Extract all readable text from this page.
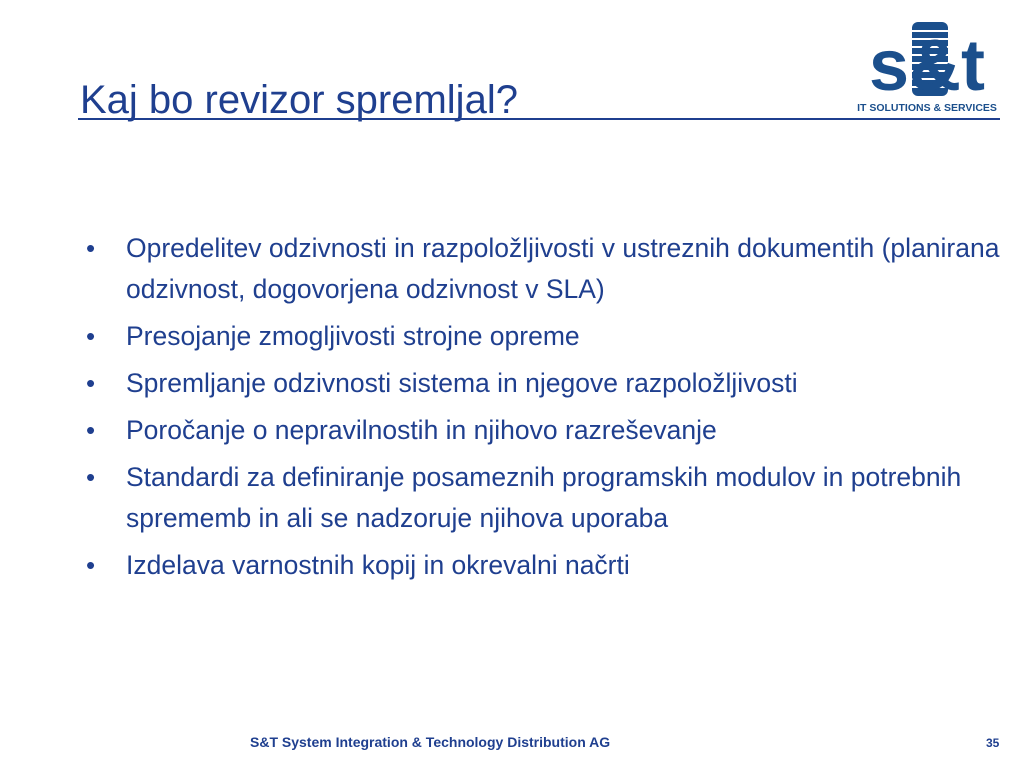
Kaj bo revizor spremljal?	s&t
IT SOLUTIONS & SERVICES
•	Opredelitev odzivnosti in razpoložljivosti v ustreznih dokumentih (planirana odzivnost, dogovorjena odzivnost v SLA)
•	Presojanje zmogljivosti strojne opreme
•	Spremljanje odzivnosti sistema in njegove razpoložljivosti
•	Poročanje o nepravilnostih in njihovo razreševanje
•	Standardi za definiranje posameznih programskih modulov in potrebnih sprememb in ali se nadzoruje njihova uporaba
•	Izdelava varnostnih kopij in okrevalni načrti
S&T System Integration & Technology Distribution AG	35
